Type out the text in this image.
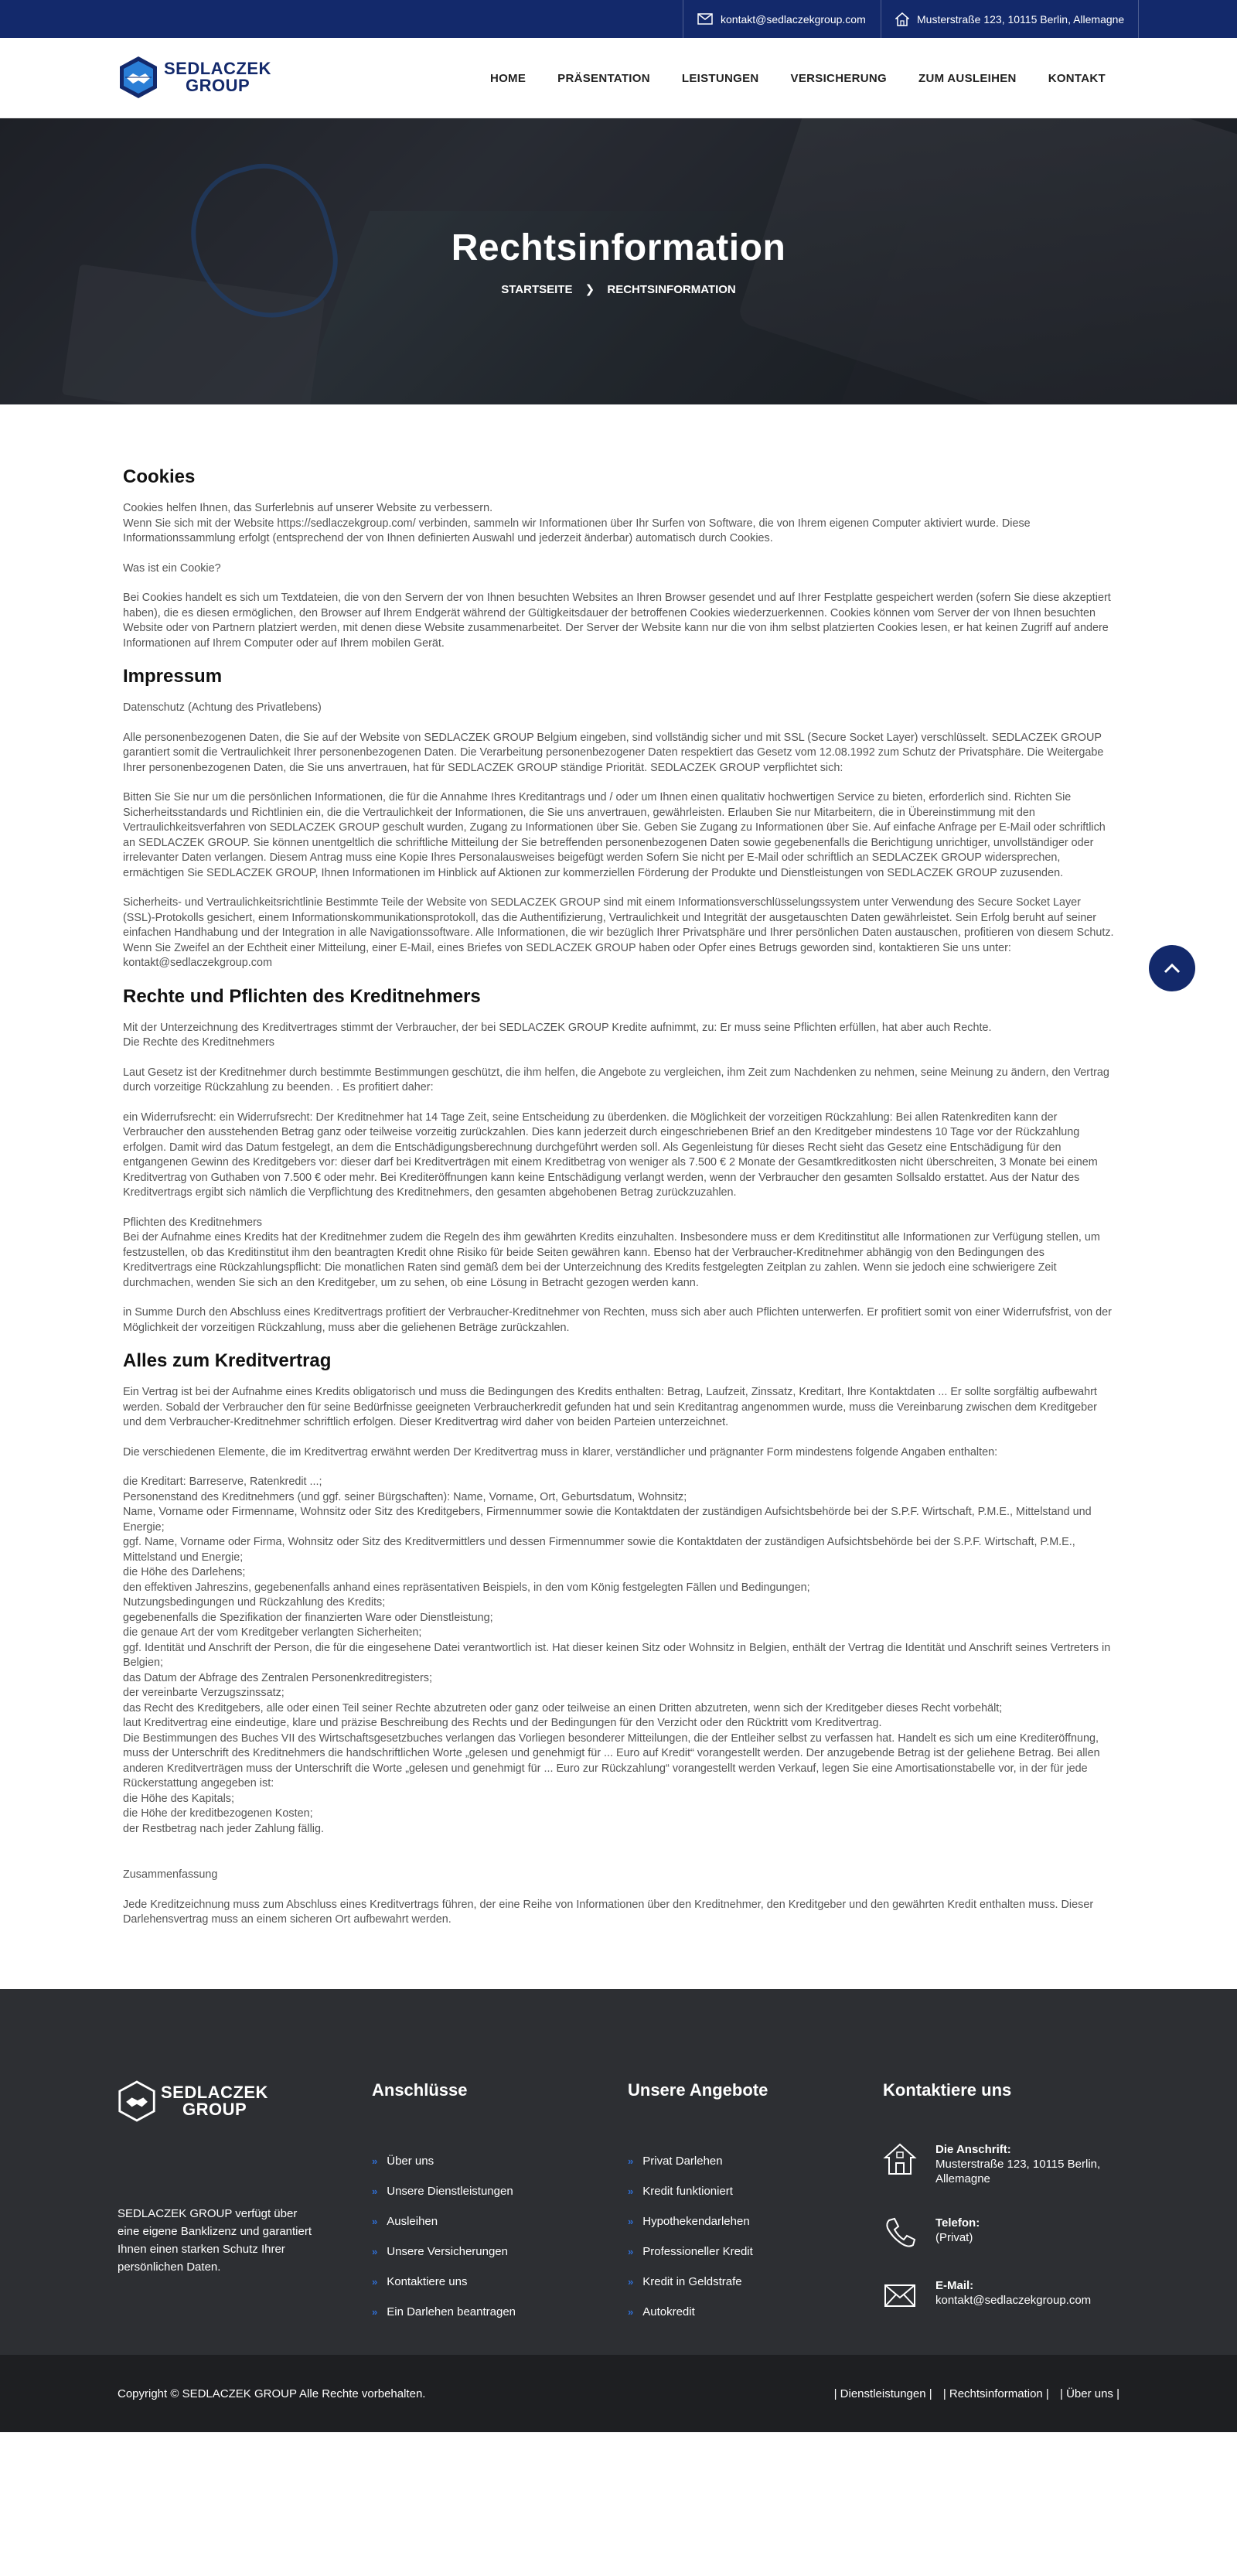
kontakt@sedlaczekgroup.com	Musterstraße 123, 10115 Berlin, Allemagne
SEDLACZEK
GROUP	HOME	PRÄSENTATION	LEISTUNGEN	VERSICHERUNG	ZUM AUSLEIHEN	KONTAKT
Rechtsinformation
STARTSEITE ❯ RECHTSINFORMATION
Cookies

Cookies helfen Ihnen, das Surferlebnis auf unserer Website zu verbessern.
Wenn Sie sich mit der Website https://sedlaczekgroup.com/ verbinden, sammeln wir Informationen über Ihr Surfen von Software, die von Ihrem eigenen Computer aktiviert wurde. Diese Informationssammlung erfolgt (entsprechend der von Ihnen definierten Auswahl und jederzeit änderbar) automatisch durch Cookies.

Was ist ein Cookie?

Bei Cookies handelt es sich um Textdateien, die von den Servern der von Ihnen besuchten Websites an Ihren Browser gesendet und auf Ihrer Festplatte gespeichert werden (sofern Sie diese akzeptiert haben), die es diesen ermöglichen, den Browser auf Ihrem Endgerät während der Gültigkeitsdauer der betroffenen Cookies wiederzuerkennen. Cookies können vom Server der von Ihnen besuchten Website oder von Partnern platziert werden, mit denen diese Website zusammenarbeitet. Der Server der Website kann nur die von ihm selbst platzierten Cookies lesen, er hat keinen Zugriff auf andere Informationen auf Ihrem Computer oder auf Ihrem mobilen Gerät.

Impressum

Datenschutz (Achtung des Privatlebens)

Alle personenbezogenen Daten, die Sie auf der Website von SEDLACZEK GROUP Belgium eingeben, sind vollständig sicher und mit SSL (Secure Socket Layer) verschlüsselt. SEDLACZEK GROUP garantiert somit die Vertraulichkeit Ihrer personenbezogenen Daten. Die Verarbeitung personenbezogener Daten respektiert das Gesetz vom 12.08.1992 zum Schutz der Privatsphäre. Die Weitergabe Ihrer personenbezogenen Daten, die Sie uns anvertrauen, hat für SEDLACZEK GROUP ständige Priorität. SEDLACZEK GROUP verpflichtet sich:

Bitten Sie Sie nur um die persönlichen Informationen, die für die Annahme Ihres Kreditantrags und / oder um Ihnen einen qualitativ hochwertigen Service zu bieten, erforderlich sind. Richten Sie Sicherheitsstandards und Richtlinien ein, die die Vertraulichkeit der Informationen, die Sie uns anvertrauen, gewährleisten. Erlauben Sie nur Mitarbeitern, die in Übereinstimmung mit den Vertraulichkeitsverfahren von SEDLACZEK GROUP geschult wurden, Zugang zu Informationen über Sie. Geben Sie Zugang zu Informationen über Sie. Auf einfache Anfrage per E-Mail oder schriftlich an SEDLACZEK GROUP. Sie können unentgeltlich die schriftliche Mitteilung der Sie betreffenden personenbezogenen Daten sowie gegebenenfalls die Berichtigung unrichtiger, unvollständiger oder irrelevanter Daten verlangen. Diesem Antrag muss eine Kopie Ihres Personalausweises beigefügt werden Sofern Sie nicht per E-Mail oder schriftlich an SEDLACZEK GROUP widersprechen, ermächtigen Sie SEDLACZEK GROUP, Ihnen Informationen im Hinblick auf Aktionen zur kommerziellen Förderung der Produkte und Dienstleistungen von SEDLACZEK GROUP zuzusenden.

Sicherheits- und Vertraulichkeitsrichtlinie Bestimmte Teile der Website von SEDLACZEK GROUP sind mit einem Informationsverschlüsselungssystem unter Verwendung des Secure Socket Layer (SSL)-Protokolls gesichert, einem Informationskommunikationsprotokoll, das die Authentifizierung, Vertraulichkeit und Integrität der ausgetauschten Daten gewährleistet. Sein Erfolg beruht auf seiner einfachen Handhabung und der Integration in alle Navigationssoftware. Alle Informationen, die wir bezüglich Ihrer Privatsphäre und Ihrer persönlichen Daten austauschen, profitieren von diesem Schutz. Wenn Sie Zweifel an der Echtheit einer Mitteilung, einer E-Mail, eines Briefes von SEDLACZEK GROUP haben oder Opfer eines Betrugs geworden sind, kontaktieren Sie uns unter: kontakt@sedlaczekgroup.com

Rechte und Pflichten des Kreditnehmers

Mit der Unterzeichnung des Kreditvertrages stimmt der Verbraucher, der bei SEDLACZEK GROUP Kredite aufnimmt, zu: Er muss seine Pflichten erfüllen, hat aber auch Rechte.
Die Rechte des Kreditnehmers

Laut Gesetz ist der Kreditnehmer durch bestimmte Bestimmungen geschützt, die ihm helfen, die Angebote zu vergleichen, ihm Zeit zum Nachdenken zu nehmen, seine Meinung zu ändern, den Vertrag durch vorzeitige Rückzahlung zu beenden. . Es profitiert daher:

ein Widerrufsrecht: ein Widerrufsrecht: Der Kreditnehmer hat 14 Tage Zeit, seine Entscheidung zu überdenken. die Möglichkeit der vorzeitigen Rückzahlung: Bei allen Ratenkrediten kann der Verbraucher den ausstehenden Betrag ganz oder teilweise vorzeitig zurückzahlen. Dies kann jederzeit durch eingeschriebenen Brief an den Kreditgeber mindestens 10 Tage vor der Rückzahlung erfolgen. Damit wird das Datum festgelegt, an dem die Entschädigungsberechnung durchgeführt werden soll. Als Gegenleistung für dieses Recht sieht das Gesetz eine Entschädigung für den entgangenen Gewinn des Kreditgebers vor: dieser darf bei Kreditverträgen mit einem Kreditbetrag von weniger als 7.500 € 2 Monate der Gesamtkreditkosten nicht überschreiten, 3 Monate bei einem Kreditvertrag von Guthaben von 7.500 € oder mehr. Bei Krediteröffnungen kann keine Entschädigung verlangt werden, wenn der Verbraucher den gesamten Sollsaldo erstattet. Aus der Natur des Kreditvertrags ergibt sich nämlich die Verpflichtung des Kreditnehmers, den gesamten abgehobenen Betrag zurückzuzahlen.

Pflichten des Kreditnehmers
Bei der Aufnahme eines Kredits hat der Kreditnehmer zudem die Regeln des ihm gewährten Kredits einzuhalten. Insbesondere muss er dem Kreditinstitut alle Informationen zur Verfügung stellen, um festzustellen, ob das Kreditinstitut ihm den beantragten Kredit ohne Risiko für beide Seiten gewähren kann. Ebenso hat der Verbraucher-Kreditnehmer abhängig von den Bedingungen des Kreditvertrags eine Rückzahlungspflicht: Die monatlichen Raten sind gemäß dem bei der Unterzeichnung des Kredits festgelegten Zeitplan zu zahlen. Wenn sie jedoch eine schwierigere Zeit durchmachen, wenden Sie sich an den Kreditgeber, um zu sehen, ob eine Lösung in Betracht gezogen werden kann.

in Summe Durch den Abschluss eines Kreditvertrags profitiert der Verbraucher-Kreditnehmer von Rechten, muss sich aber auch Pflichten unterwerfen. Er profitiert somit von einer Widerrufsfrist, von der Möglichkeit der vorzeitigen Rückzahlung, muss aber die geliehenen Beträge zurückzahlen.

Alles zum Kreditvertrag

Ein Vertrag ist bei der Aufnahme eines Kredits obligatorisch und muss die Bedingungen des Kredits enthalten: Betrag, Laufzeit, Zinssatz, Kreditart, Ihre Kontaktdaten ... Er sollte sorgfältig aufbewahrt werden. Sobald der Verbraucher den für seine Bedürfnisse geeigneten Verbraucherkredit gefunden hat und sein Kreditantrag angenommen wurde, muss die Vereinbarung zwischen dem Kreditgeber und dem Verbraucher-Kreditnehmer schriftlich erfolgen. Dieser Kreditvertrag wird daher von beiden Parteien unterzeichnet.

Die verschiedenen Elemente, die im Kreditvertrag erwähnt werden Der Kreditvertrag muss in klarer, verständlicher und prägnanter Form mindestens folgende Angaben enthalten:

die Kreditart: Barreserve, Ratenkredit ...;
Personenstand des Kreditnehmers (und ggf. seiner Bürgschaften): Name, Vorname, Ort, Geburtsdatum, Wohnsitz;
Name, Vorname oder Firmenname, Wohnsitz oder Sitz des Kreditgebers, Firmennummer sowie die Kontaktdaten der zuständigen Aufsichtsbehörde bei der S.P.F. Wirtschaft, P.M.E., Mittelstand und Energie;
ggf. Name, Vorname oder Firma, Wohnsitz oder Sitz des Kreditvermittlers und dessen Firmennummer sowie die Kontaktdaten der zuständigen Aufsichtsbehörde bei der S.P.F. Wirtschaft, P.M.E., Mittelstand und Energie;
die Höhe des Darlehens;
den effektiven Jahreszins, gegebenenfalls anhand eines repräsentativen Beispiels, in den vom König festgelegten Fällen und Bedingungen;
Nutzungsbedingungen und Rückzahlung des Kredits;
gegebenenfalls die Spezifikation der finanzierten Ware oder Dienstleistung;
die genaue Art der vom Kreditgeber verlangten Sicherheiten;
ggf. Identität und Anschrift der Person, die für die eingesehene Datei verantwortlich ist. Hat dieser keinen Sitz oder Wohnsitz in Belgien, enthält der Vertrag die Identität und Anschrift seines Vertreters in Belgien;
das Datum der Abfrage des Zentralen Personenkreditregisters;
der vereinbarte Verzugszinssatz;
das Recht des Kreditgebers, alle oder einen Teil seiner Rechte abzutreten oder ganz oder teilweise an einen Dritten abzutreten, wenn sich der Kreditgeber dieses Recht vorbehält;
laut Kreditvertrag eine eindeutige, klare und präzise Beschreibung des Rechts und der Bedingungen für den Verzicht oder den Rücktritt vom Kreditvertrag.
Die Bestimmungen des Buches VII des Wirtschaftsgesetzbuches verlangen das Vorliegen besonderer Mitteilungen, die der Entleiher selbst zu verfassen hat. Handelt es sich um eine Krediteröffnung, muss der Unterschrift des Kreditnehmers die handschriftlichen Worte „gelesen und genehmigt für ... Euro auf Kredit“ vorangestellt werden. Der anzugebende Betrag ist der geliehene Betrag. Bei allen anderen Kreditverträgen muss der Unterschrift die Worte „gelesen und genehmigt für ... Euro zur Rückzahlung“ vorangestellt werden Verkauf, legen Sie eine Amortisationstabelle vor, in der für jede Rückerstattung angegeben ist:
die Höhe des Kapitals;
die Höhe der kreditbezogenen Kosten;
der Restbetrag nach jeder Zahlung fällig.

Zusammenfassung

Jede Kreditzeichnung muss zum Abschluss eines Kreditvertrags führen, der eine Reihe von Informationen über den Kreditnehmer, den Kreditgeber und den gewährten Kredit enthalten muss. Dieser Darlehensvertrag muss an einem sicheren Ort aufbewahrt werden.

SEDLACZEK
GROUP
SEDLACZEK GROUP verfügt über eine eigene Banklizenz und garantiert Ihnen einen starken Schutz Ihrer persönlichen Daten.
Anschlüsse
» Über uns
» Unsere Dienstleistungen
» Ausleihen
» Unsere Versicherungen
» Kontaktiere uns
» Ein Darlehen beantragen
Unsere Angebote
» Privat Darlehen
» Kredit funktioniert
» Hypothekendarlehen
» Professioneller Kredit
» Kredit in Geldstrafe
» Autokredit
Kontaktiere uns
Die Anschrift:
Musterstraße 123, 10115 Berlin, Allemagne
Telefon:
(Privat)
E-Mail:
kontakt@sedlaczekgroup.com
Copyright © SEDLACZEK GROUP Alle Rechte vorbehalten.	| Dienstleistungen | | Rechtsinformation | | Über uns |
